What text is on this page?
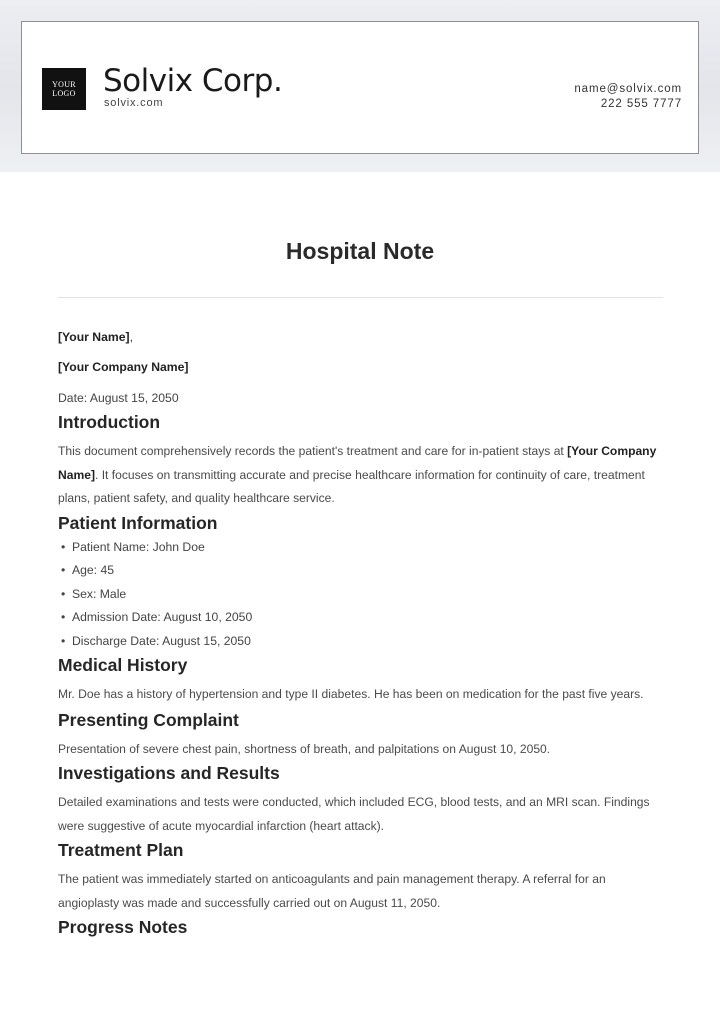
YOUR
LOGO Solvix Corp.
solvix.com
name@solvix.com
222 555 7777
Hospital Note
[Your Name],
[Your Company Name]
Date: August 15, 2050
Introduction

This document comprehensively records the patient's treatment and care for in-patient stays at [Your Company Name]. It focuses on transmitting accurate and precise healthcare information for continuity of care, treatment plans, patient safety, and quality healthcare service.

Patient Information
• Patient Name: John Doe
• Age: 45
• Sex: Male
• Admission Date: August 10, 2050
• Discharge Date: August 15, 2050
Medical History

Mr. Doe has a history of hypertension and type II diabetes. He has been on medication for the past five years.

Presenting Complaint

Presentation of severe chest pain, shortness of breath, and palpitations on August 10, 2050.

Investigations and Results

Detailed examinations and tests were conducted, which included ECG, blood tests, and an MRI scan. Findings were suggestive of acute myocardial infarction (heart attack).

Treatment Plan

The patient was immediately started on anticoagulants and pain management therapy. A referral for an angioplasty was made and successfully carried out on August 11, 2050.

Progress Notes
